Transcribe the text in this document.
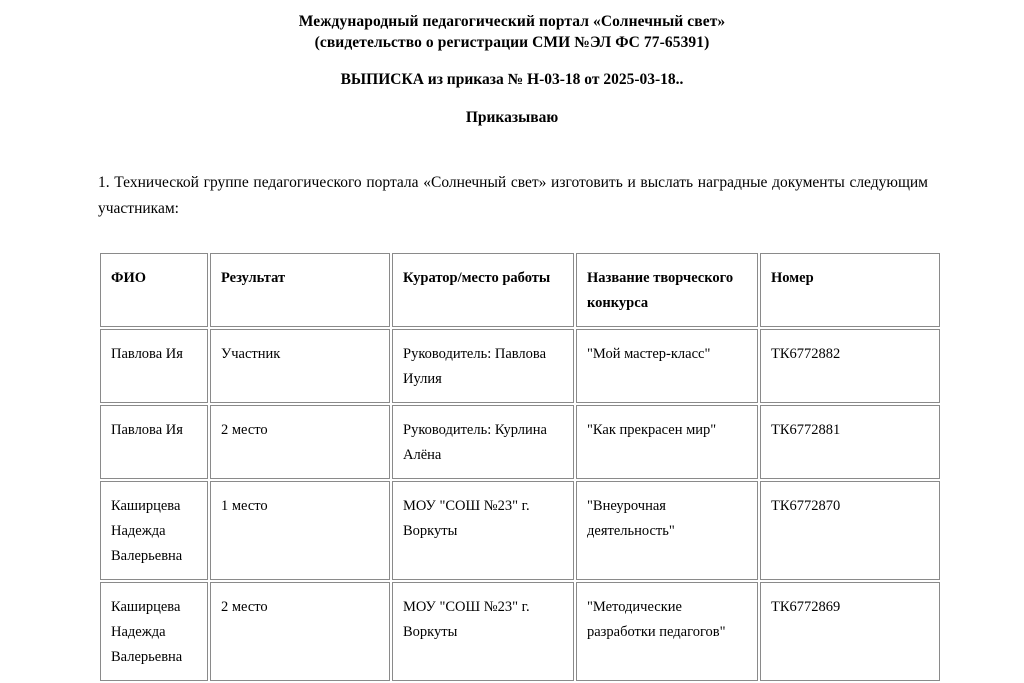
Международный педагогический портал «Солнечный свет»
(свидетельство о регистрации СМИ №ЭЛ ФС 77-65391)
ВЫПИСКА из приказа № Н-03-18 от 2025-03-18..
Приказываю

1. Технической группе педагогического портала «Солнечный свет» изготовить и выслать наградные документы следующим участникам:

ФИО	Результат	Куратор/место работы	Название творческого конкурса	Номер
Павлова Ия	Участник	Руководитель: Павлова Иулия	"Мой мастер-класс"	ТК6772882
Павлова Ия	2 место	Руководитель: Курлина Алёна	"Как прекрасен мир"	ТК6772881
Каширцева Надежда Валерьевна	1 место	МОУ "СОШ №23" г. Воркуты	"Внеурочная деятельность"	ТК6772870
Каширцева Надежда Валерьевна	2 место	МОУ "СОШ №23" г. Воркуты	"Методические разработки педагогов"	ТК6772869
